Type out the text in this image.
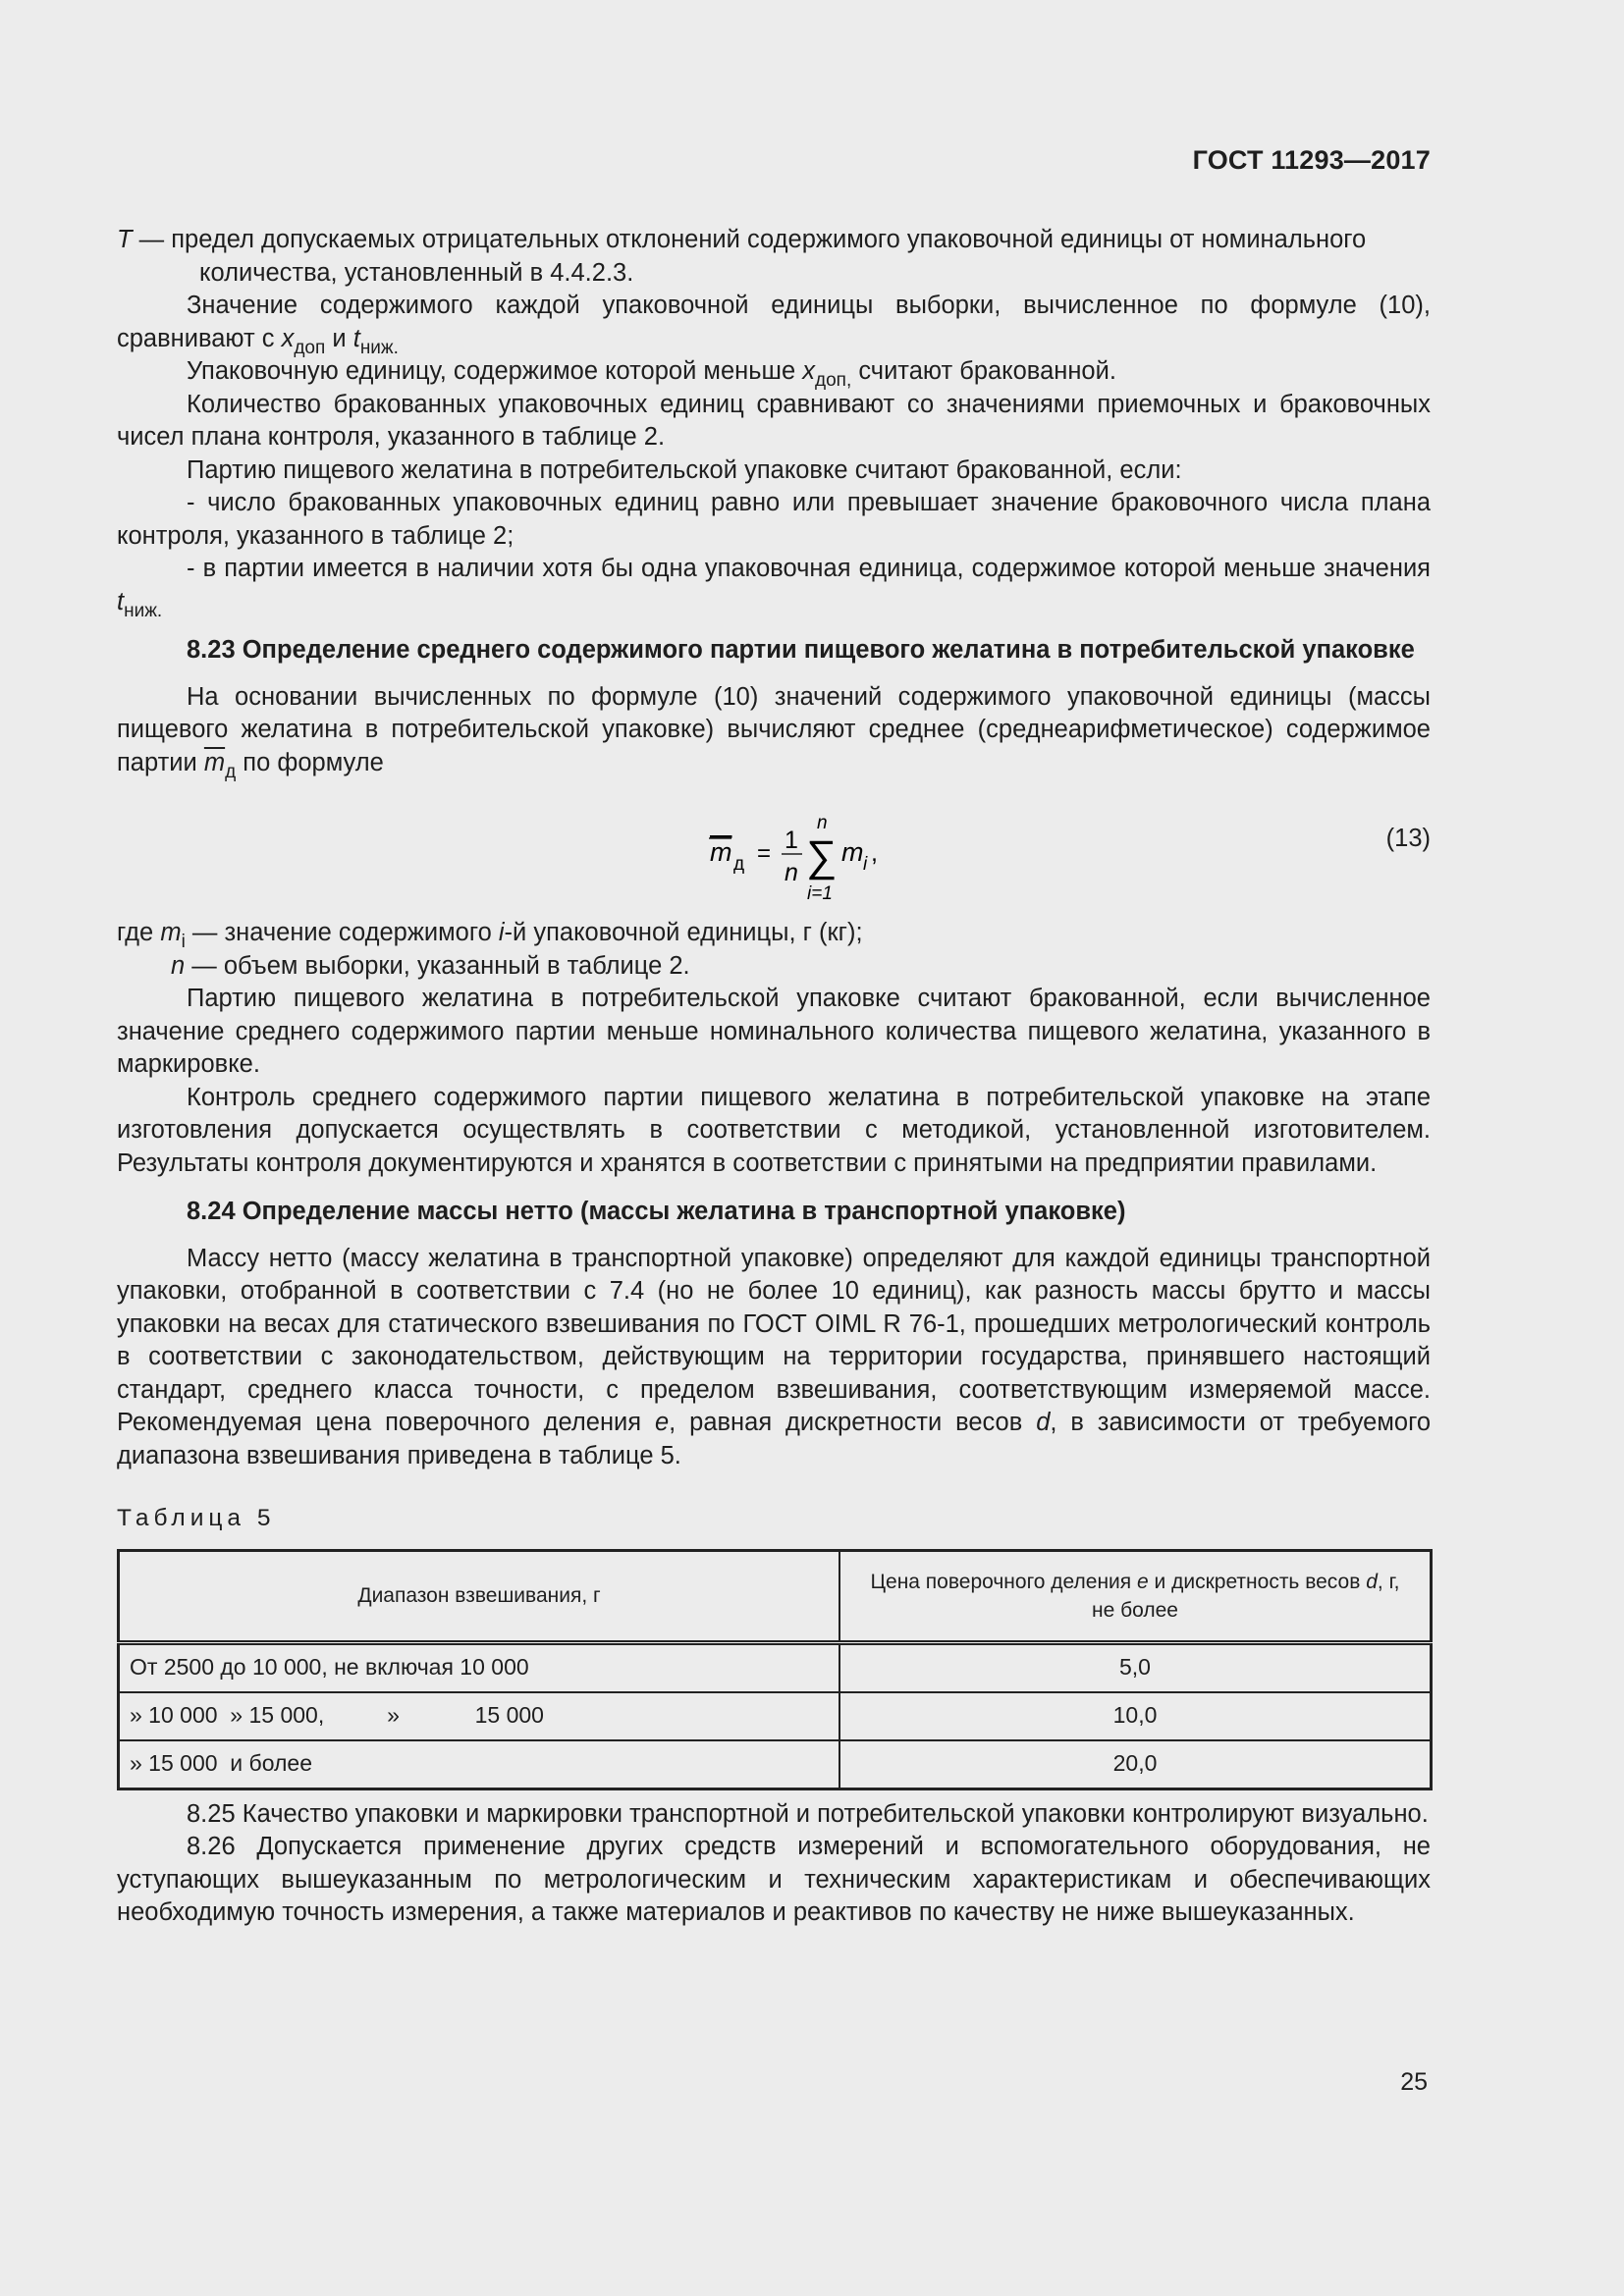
ГОСТ 11293—2017

T — предел допускаемых отрицательных отклонений содержимого упаковочной единицы от номинального количества, установленный в 4.4.2.3.

Значение содержимого каждой упаковочной единицы выборки, вычисленное по формуле (10), сравнивают с $x_{доп}$ и $t_{ниж.}$

Упаковочную единицу, содержимое которой меньше $x_{доп,}$ считают бракованной.

Количество бракованных упаковочных единиц сравнивают со значениями приемочных и браковочных чисел плана контроля, указанного в таблице 2.

Партию пищевого желатина в потребительской упаковке считают бракованной, если:

- число бракованных упаковочных единиц равно или превышает значение браковочного числа плана контроля, указанного в таблице 2;

- в партии имеется в наличии хотя бы одна упаковочная единица, содержимое которой меньше значения $t_{ниж.}$

8.23 Определение среднего содержимого партии пищевого желатина в потребительской упаковке

На основании вычисленных по формуле (10) значений содержимого упаковочной единицы (массы пищевого желатина в потребительской упаковке) вычисляют среднее (среднеарифметическое) содержимое партии $\overline{m}_д$ по формуле

m д = 1
n ∑
n
i=1
m i ,
(13)

где $m_i$ — значение содержимого i-й упаковочной единицы, г (кг);

n — объем выборки, указанный в таблице 2.

Партию пищевого желатина в потребительской упаковке считают бракованной, если вычисленное значение среднего содержимого партии меньше номинального количества пищевого желатина, указанного в маркировке.

Контроль среднего содержимого партии пищевого желатина в потребительской упаковке на этапе изготовления допускается осуществлять в соответствии с методикой, установленной изготовителем. Результаты контроля документируются и хранятся в соответствии с принятыми на предприятии правилами.

8.24 Определение массы нетто (массы желатина в транспортной упаковке)

Массу нетто (массу желатина в транспортной упаковке) определяют для каждой единицы транспортной упаковки, отобранной в соответствии с 7.4 (но не более 10 единиц), как разность массы брутто и массы упаковки на весах для статического взвешивания по ГОСТ OIML R 76-1, прошедших метрологический контроль в соответствии с законодательством, действующим на территории государства, принявшего настоящий стандарт, среднего класса точности, с пределом взвешивания, соответствующим измеряемой массе. Рекомендуемая цена поверочного деления e, равная дискретности весов d, в зависимости от требуемого диапазона взвешивания приведена в таблице 5.

Таблица 5
Диапазон взвешивания, г	Цена поверочного деления e и дискретность весов d, г,
не более
От 2500 до 10 000, не включая 10 000	5,0
» 10 000  » 15 000,          »            15 000	10,0
» 15 000  и более	20,0

8.25 Качество упаковки и маркировки транспортной и потребительской упаковки контролируют визуально.

8.26 Допускается применение других средств измерений и вспомогательного оборудования, не уступающих вышеуказанным по метрологическим и техническим характеристикам и обеспечивающих необходимую точность измерения, а также материалов и реактивов по качеству не ниже вышеуказанных.

25
